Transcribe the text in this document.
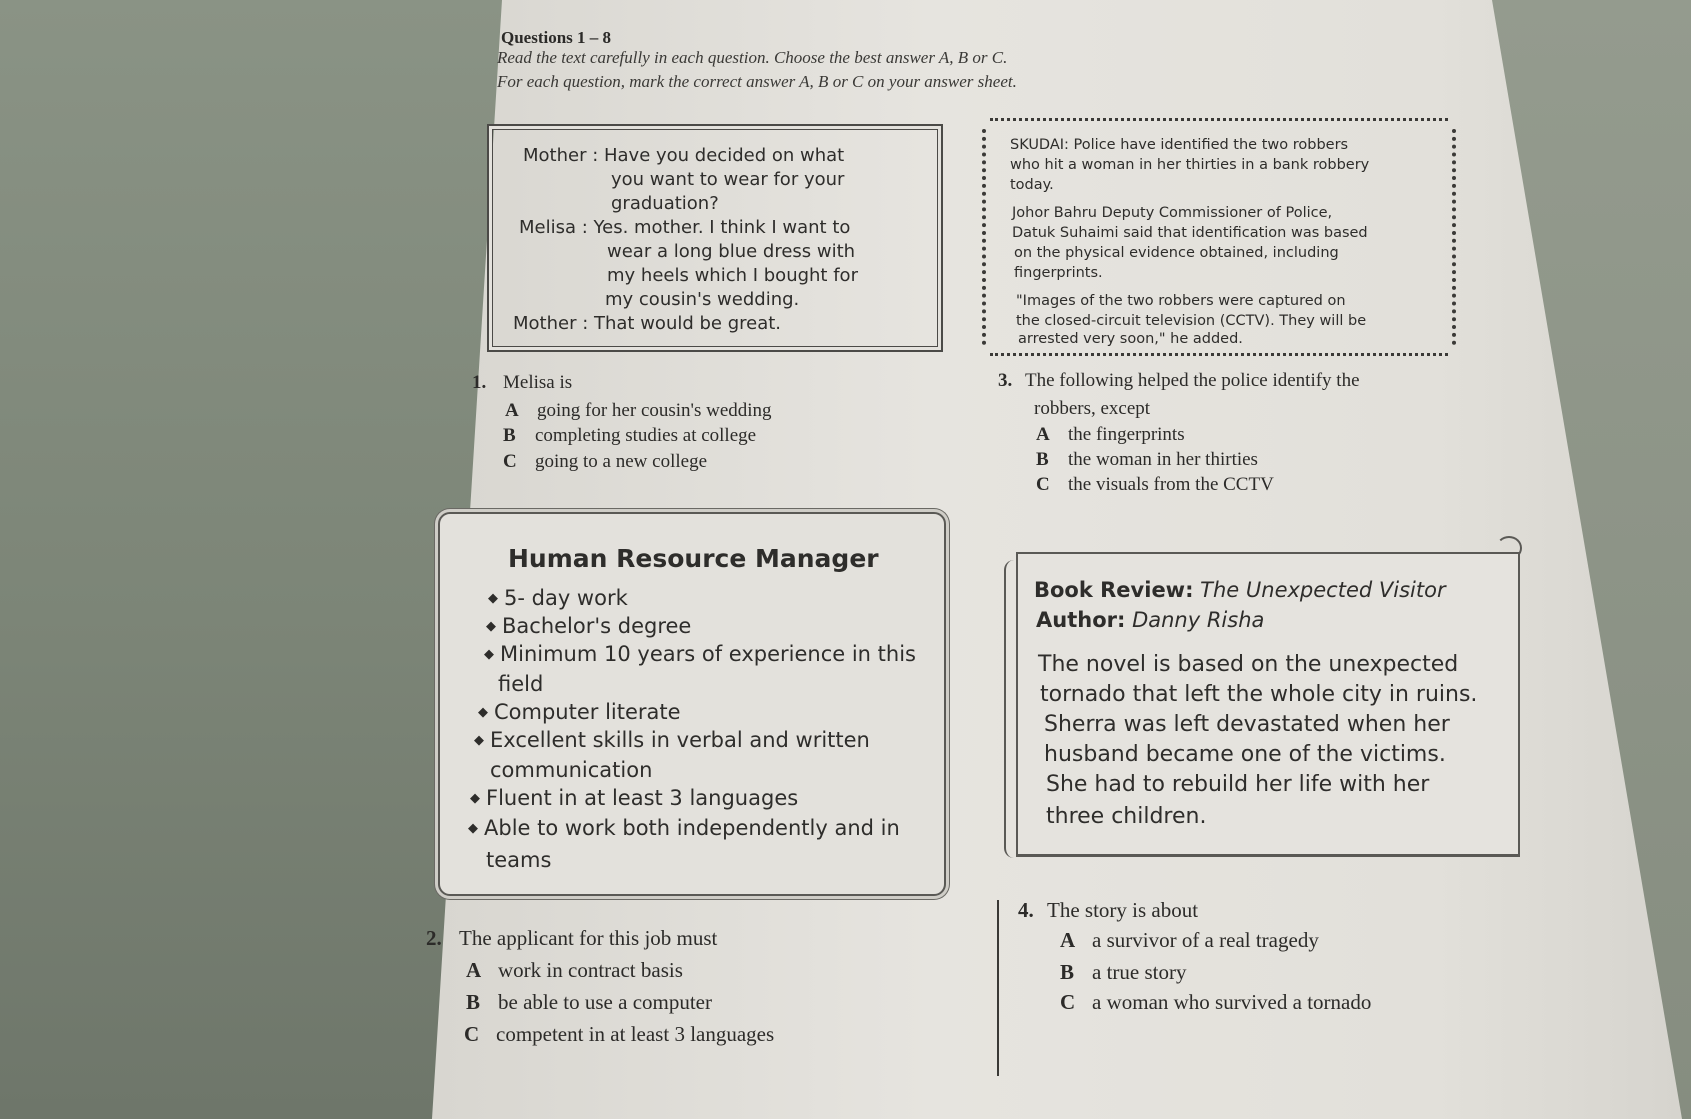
Questions 1 – 8
Read the text carefully in each question. Choose the best answer A, B or C.
For each question, mark the correct answer A, B or C on your answer sheet.
Mother : Have you decided on what
you want to wear for your
graduation?
Melisa : Yes. mother. I think I want to
wear a long blue dress with
my heels which I bought for
my cousin's wedding.
Mother : That would be great.
SKUDAI: Police have identified the two robbers
who hit a woman in her thirties in a bank robbery
today.
Johor Bahru Deputy Commissioner of Police,
Datuk Suhaimi said that identification was based
on the physical evidence obtained, including
fingerprints.
"Images of the two robbers were captured on
the closed-circuit television (CCTV). They will be
arrested very soon," he added.
1. Melisa is
A going for her cousin's wedding
B completing studies at college
C going to a new college
3. The following helped the police identify the
robbers, except
A the fingerprints
B the woman in her thirties
C the visuals from the CCTV
Human Resource Manager
◆ 5- day work
◆ Bachelor's degree
◆ Minimum 10 years of experience in this
field
◆ Computer literate
◆ Excellent skills in verbal and written
communication
◆ Fluent in at least 3 languages
◆ Able to work both independently and in
teams
Book Review: The Unexpected Visitor
Author: Danny Risha
The novel is based on the unexpected
tornado that left the whole city in ruins.
Sherra was left devastated when her
husband became one of the victims.
She had to rebuild her life with her
three children.
2. The applicant for this job must
A work in contract basis
B be able to use a computer
C competent in at least 3 languages
4. The story is about
A a survivor of a real tragedy
B a true story
C a woman who survived a tornado
